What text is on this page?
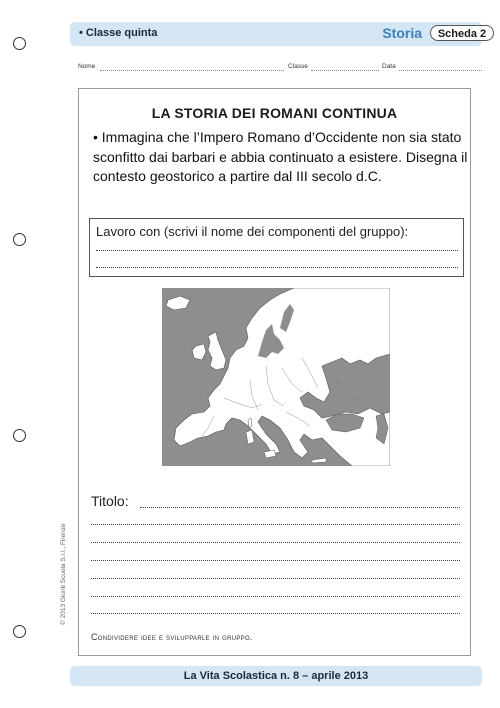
• Classe quinta	Storia	Scheda 2
Nome	Classe	Data
LA STORIA DEI ROMANI CONTINUA
• Immagina che l’Impero Romano d’Occidente non sia stato sconfitto dai barbari e abbia continuato a esistere. Disegna il contesto geostorico a partire dal III secolo d.C.
Lavoro con (scrivi il nome dei componenti del gruppo):
Titolo:
Condividere idee e svilupparle in gruppo.
© 2013 Giunti Scuola S.r.l., Firenze
La Vita Scolastica n. 8 – aprile 2013
